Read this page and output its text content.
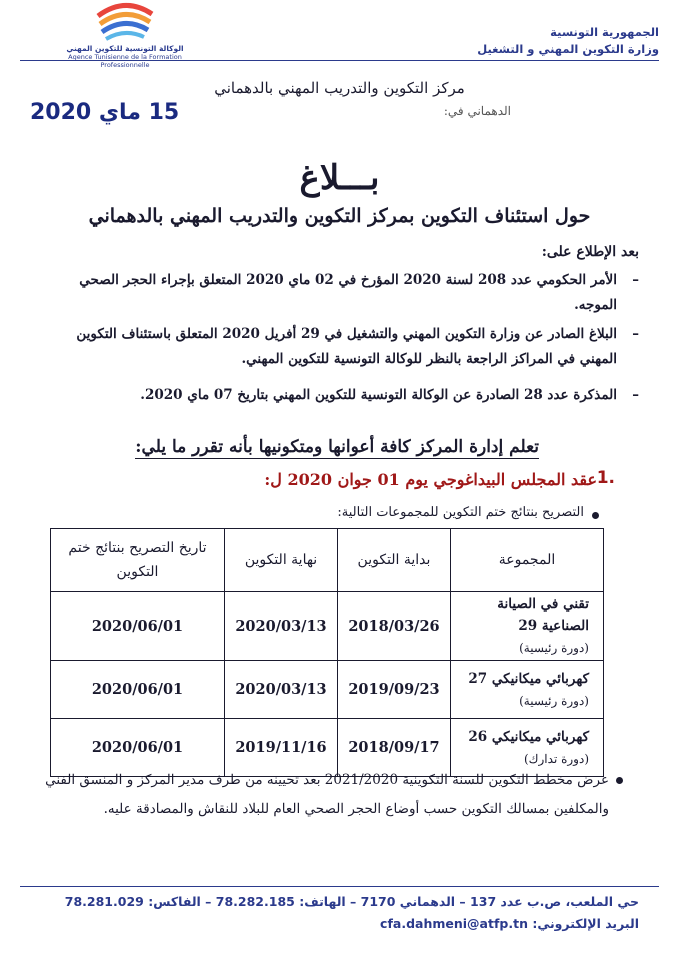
الوكالة التونسية للتكوين المهني
Agence Tunisienne de la Formation
Professionnelle
الجمهورية التونسية
وزارة التكوين المهني و التشغيل
مركز التكوين والتدريب المهني بالدهماني
الدهماني في:
15 ماي 2020
بـــلاغ
حول استئناف التكوين بمركز التكوين والتدريب المهني بالدهماني
بعد الإطلاع على:
–
الأمر الحكومي عدد 208 لسنة 2020 المؤرخ في 02 ماي 2020 المتعلق بإجراء الحجر الصحي الموجه.
–
البلاغ الصادر عن وزارة التكوين المهني والتشغيل في 29 أفريل 2020 المتعلق باستئناف التكوين المهني في المراكز الراجعة بالنظر للوكالة التونسية للتكوين المهني.
–
المذكرة عدد 28 الصادرة عن الوكالة التونسية للتكوين المهني بتاريخ 07 ماي 2020.
تعلم إدارة المركز كافة أعوانها ومتكونيها بأنه تقرر ما يلي:
1.
عقد المجلس البيداغوجي يوم 01 جوان 2020 ل:
التصريح بنتائج ختم التكوين للمجموعات التالية:
المجموعة	بداية التكوين	نهاية التكوين	تاريخ التصريح بنتائج ختم التكوين

تقني في الصيانة الصناعية 29
(دورة رئيسية)	2018/03/26	2020/03/13	2020/06/01

كهربائي ميكانيكي 27
(دورة رئيسية)	2019/09/23	2020/03/13	2020/06/01

كهربائي ميكانيكي 26
(دورة تدارك)	2018/09/17	2019/11/16	2020/06/01
عرض مخطط التكوين للسنة التكوينية 2021/2020 بعد تحيينه من طرف مدير المركز و المنسق الفني والمكلفين بمسالك التكوين حسب أوضاع الحجر الصحي العام للبلاد للنقاش والمصادقة عليه.
حي الملعب، ص.ب عدد 137 – الدهماني 7170 – الهاتف: 78.282.185 – الفاكس: 78.281.029
البريد الإلكتروني: cfa.dahmeni@atfp.tn
